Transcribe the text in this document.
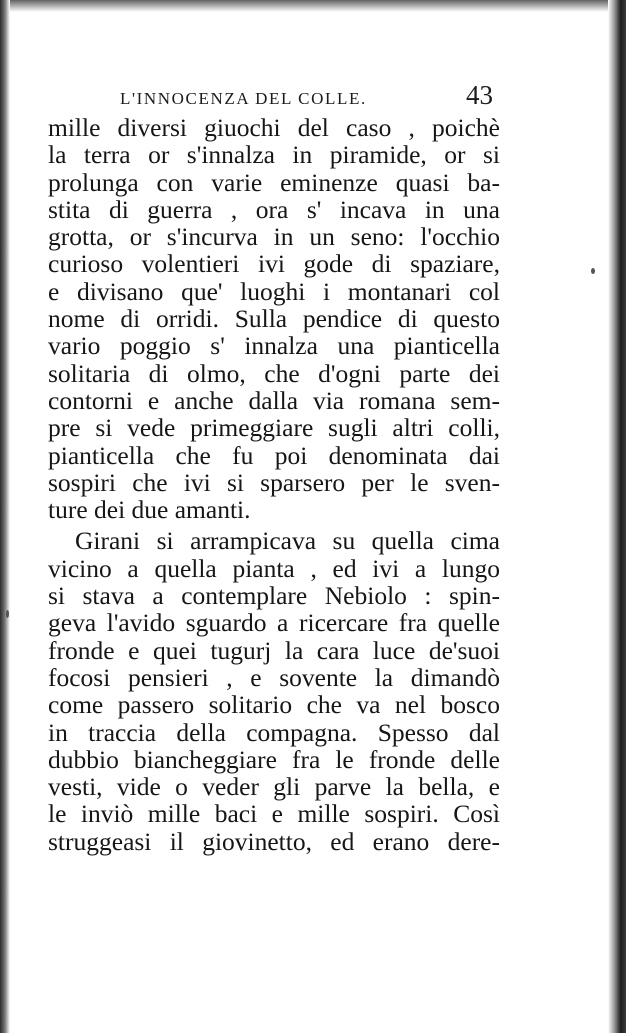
L'INNOCENZA DEL COLLE.	43
mille diversi giuochi del caso , poichè
la terra or s'innalza in piramide, or si
prolunga con varie eminenze quasi ba-
stita di guerra , ora s' incava in una
grotta, or s'incurva in un seno: l'occhio
curioso volentieri ivi gode di spaziare,
e divisano que' luoghi i montanari col
nome di orridi. Sulla pendice di questo
vario poggio s' innalza una pianticella
solitaria di olmo, che d'ogni parte dei
contorni e anche dalla via romana sem-
pre si vede primeggiare sugli altri colli,
pianticella che fu poi denominata dai
sospiri che ivi si sparsero per le sven-
ture dei due amanti.
Girani si arrampicava su quella cima
vicino a quella pianta , ed ivi a lungo
si stava a contemplare Nebiolo : spin-
geva l'avido sguardo a ricercare fra quelle
fronde e quei tugurj la cara luce de'suoi
focosi pensieri , e sovente la dimandò
come passero solitario che va nel bosco
in traccia della compagna. Spesso dal
dubbio biancheggiare fra le fronde delle
vesti, vide o veder gli parve la bella, e
le inviò mille baci e mille sospiri. Così
struggeasi il giovinetto, ed erano dere-
